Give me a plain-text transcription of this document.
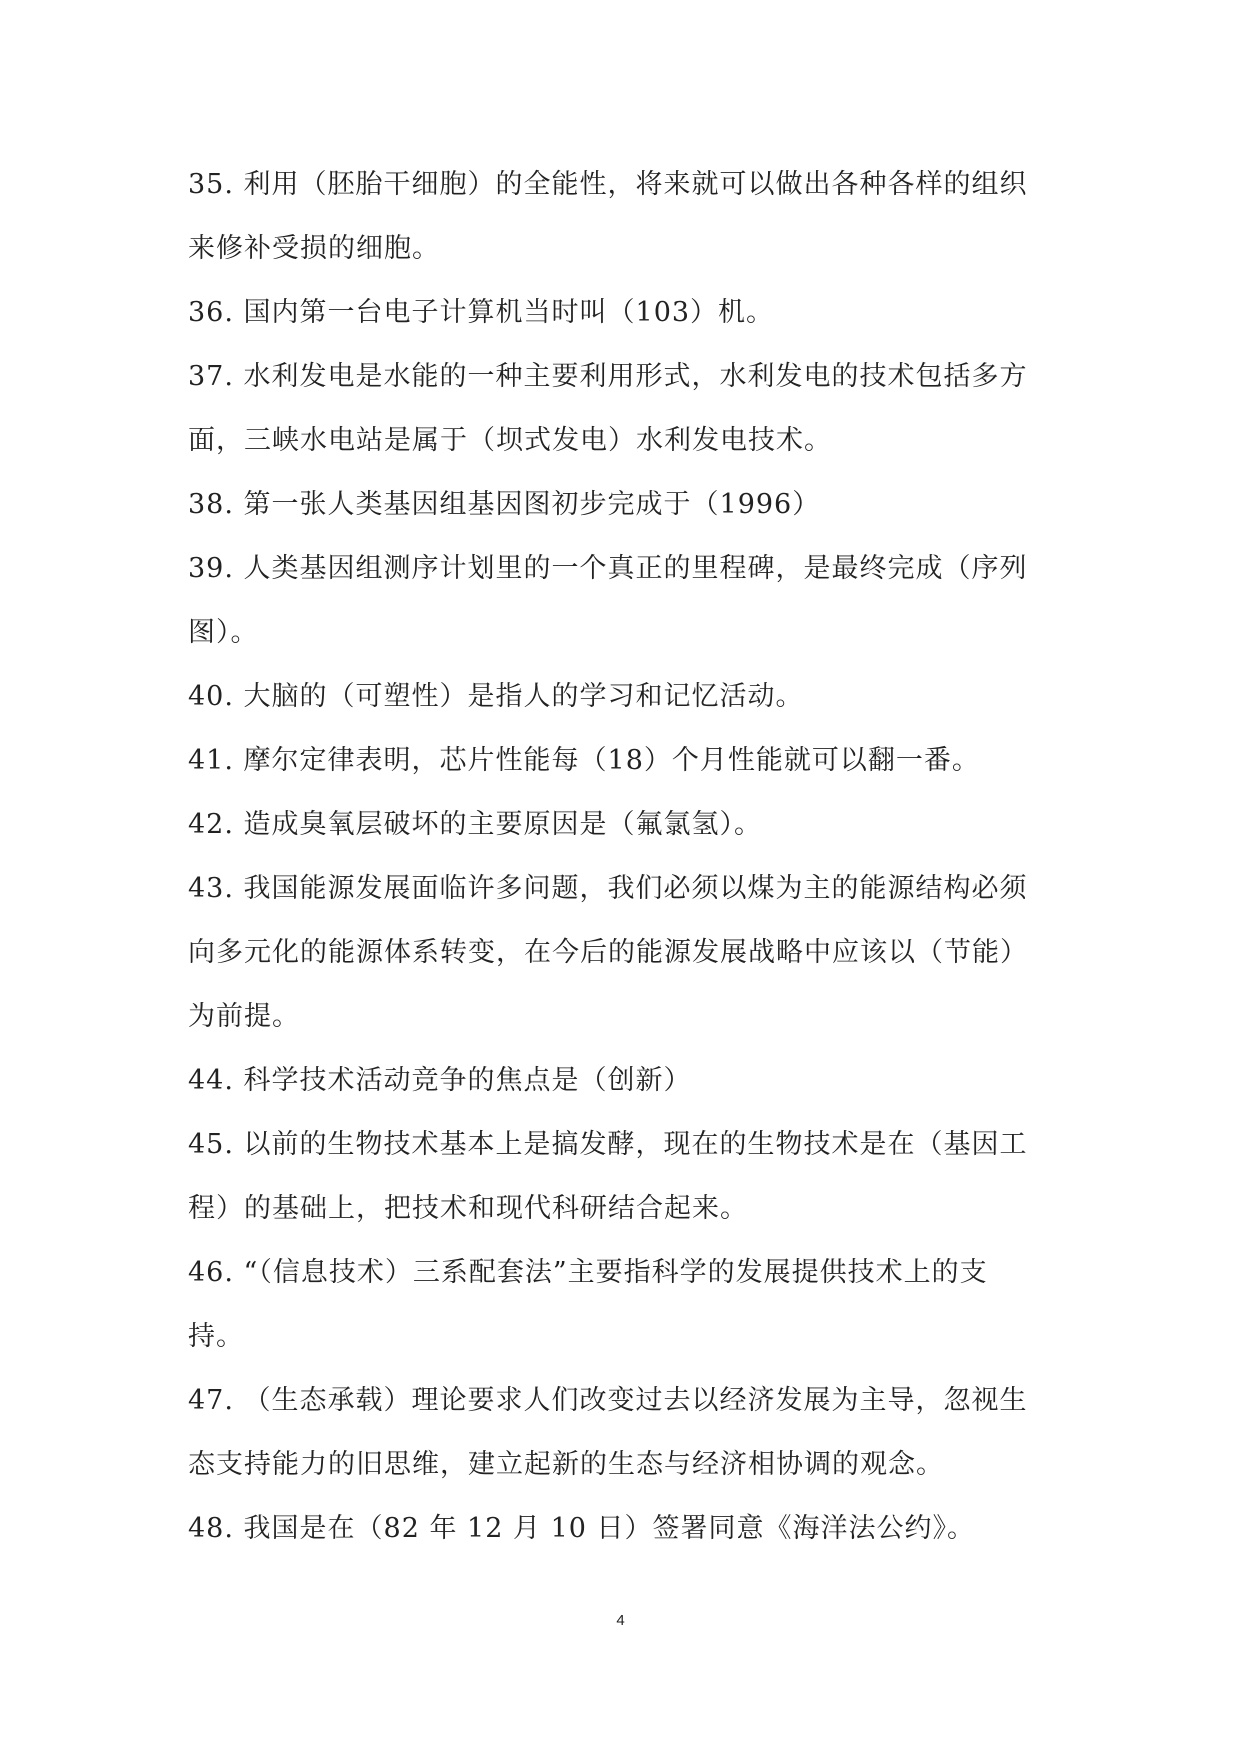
35. 利用（胚胎干细胞）的全能性，将来就可以做出各种各样的组织
来修补受损的细胞。
36. 国内第一台电子计算机当时叫（103）机。
37. 水利发电是水能的一种主要利用形式，水利发电的技术包括多方
面，三峡水电站是属于（坝式发电）水利发电技术。
38. 第一张人类基因组基因图初步完成于（1996）
39. 人类基因组测序计划里的一个真正的里程碑，是最终完成（序列
图）。
40. 大脑的（可塑性）是指人的学习和记忆活动。
41. 摩尔定律表明，芯片性能每（18）个月性能就可以翻一番。
42. 造成臭氧层破坏的主要原因是（氟氯氢）。
43. 我国能源发展面临许多问题，我们必须以煤为主的能源结构必须
向多元化的能源体系转变，在今后的能源发展战略中应该以（节能）
为前提。
44. 科学技术活动竞争的焦点是（创新）
45. 以前的生物技术基本上是搞发酵，现在的生物技术是在（基因工
程）的基础上，把技术和现代科研结合起来。
46. “（信息技术）三系配套法”主要指科学的发展提供技术上的支
持。
47. （生态承载）理论要求人们改变过去以经济发展为主导，忽视生
态支持能力的旧思维，建立起新的生态与经济相协调的观念。
48. 我国是在（82 年 12 月 10 日）签署同意《海洋法公约》。
4
